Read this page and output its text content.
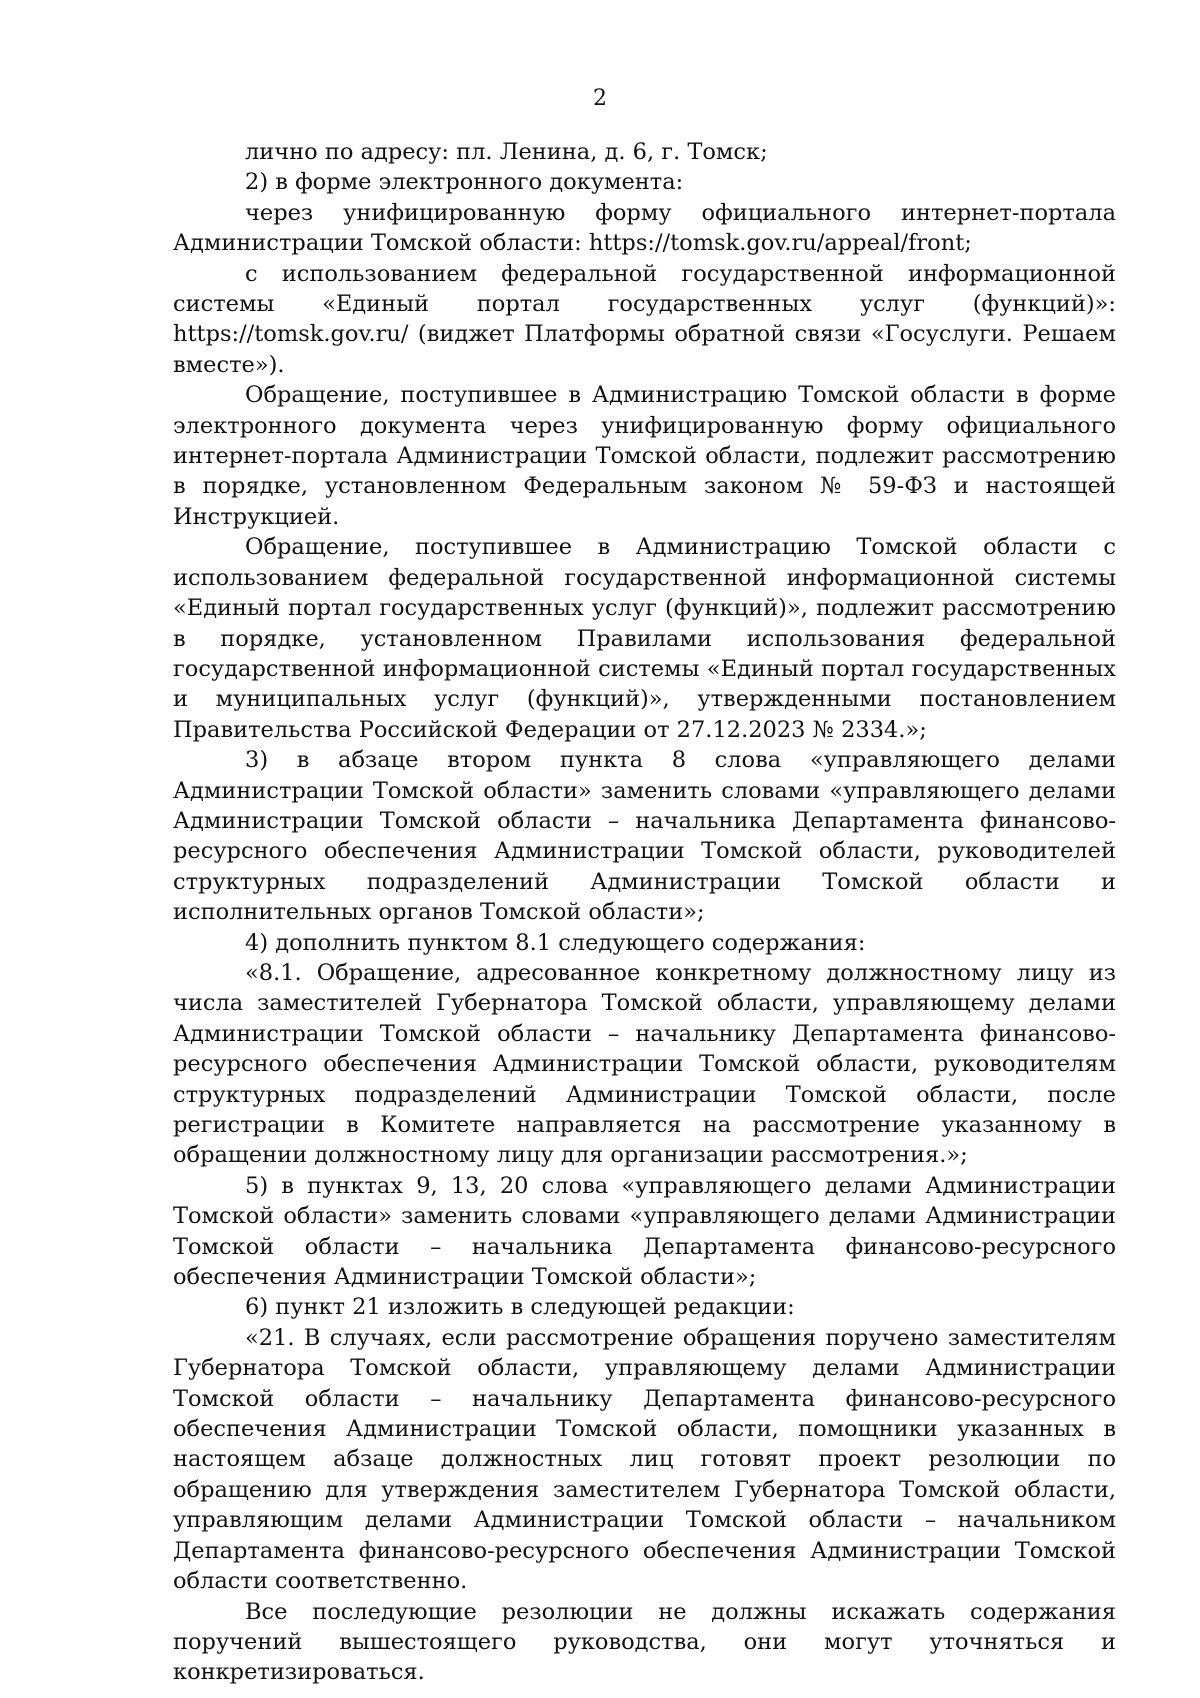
2

лично по адресу: пл. Ленина, д. 6, г. Томск;

2) в форме электронного документа:

через унифицированную форму официального интернет-портала Администрации Томской области: https://tomsk.gov.ru/appeal/front;

с использованием федеральной государственной информационной системы «Единый портал государственных услуг (функций)»: https://tomsk.gov.ru/ (виджет Платформы обратной связи «Госуслуги. Решаем вместе»).

Обращение, поступившее в Администрацию Томской области в форме электронного документа через унифицированную форму официального интернет-портала Администрации Томской области, подлежит рассмотрению в порядке, установленном Федеральным законом № 59-ФЗ и настоящей Инструкцией.

Обращение, поступившее в Администрацию Томской области с использованием федеральной государственной информационной системы «Единый портал государственных услуг (функций)», подлежит рассмотрению в порядке, установленном Правилами использования федеральной государственной информационной системы «Единый портал государственных и муниципальных услуг (функций)», утвержденными постановлением Правительства Российской Федерации от 27.12.2023 № 2334.»;

3) в абзаце втором пункта 8 слова «управляющего делами Администрации Томской области» заменить словами «управляющего делами Администрации Томской области – начальника Департамента финансово-ресурсного обеспечения Администрации Томской области, руководителей структурных подразделений Администрации Томской области и исполнительных органов Томской области»;

4) дополнить пунктом 8.1 следующего содержания:

«8.1. Обращение, адресованное конкретному должностному лицу из числа заместителей Губернатора Томской области, управляющему делами Администрации Томской области – начальнику Департамента финансово-ресурсного обеспечения Администрации Томской области, руководителям структурных подразделений Администрации Томской области, после регистрации в Комитете направляется на рассмотрение указанному в обращении должностному лицу для организации рассмотрения.»;

5) в пунктах 9, 13, 20 слова «управляющего делами Администрации Томской области» заменить словами «управляющего делами Администрации Томской области – начальника Департамента финансово-ресурсного обеспечения Администрации Томской области»;

6) пункт 21 изложить в следующей редакции:

«21. В случаях, если рассмотрение обращения поручено заместителям Губернатора Томской области, управляющему делами Администрации Томской области – начальнику Департамента финансово-ресурсного обеспечения Администрации Томской области, помощники указанных в настоящем абзаце должностных лиц готовят проект резолюции по обращению для утверждения заместителем Губернатора Томской области, управляющим делами Администрации Томской области – начальником Департамента финансово-ресурсного обеспечения Администрации Томской области соответственно.

Все последующие резолюции не должны искажать содержания поручений вышестоящего руководства, они могут уточняться и конкретизироваться.
